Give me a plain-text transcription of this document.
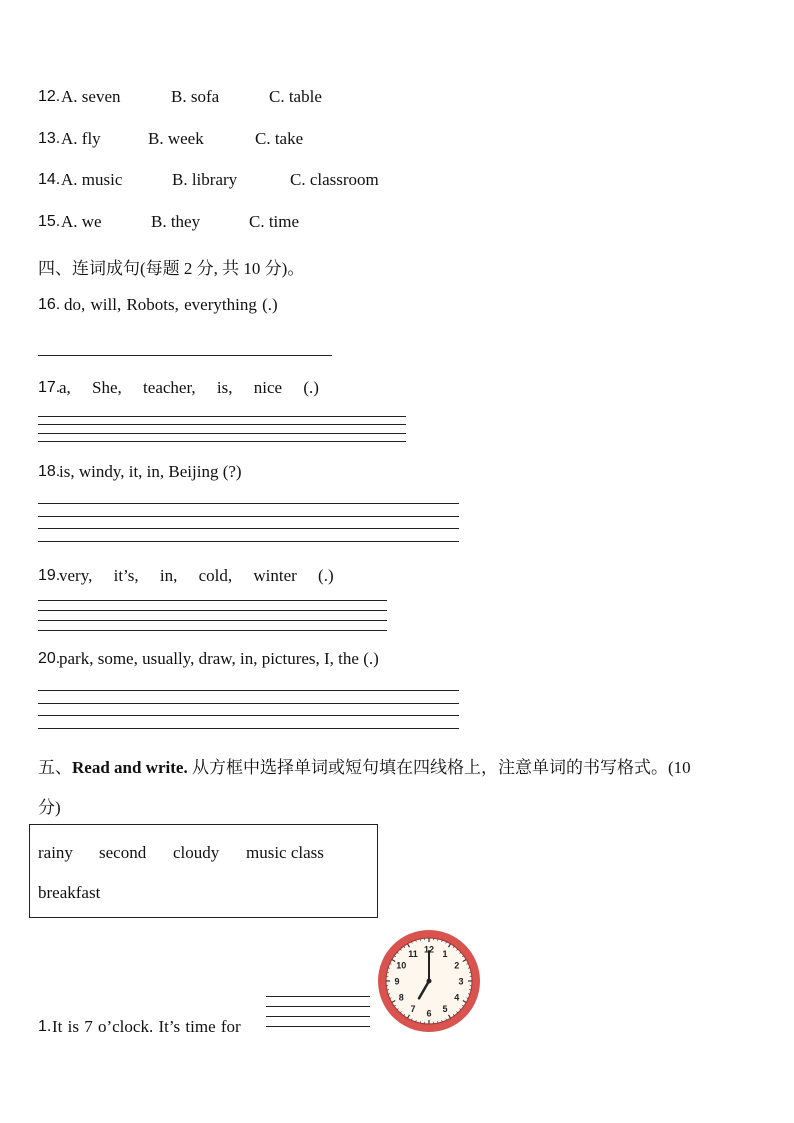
12. A. seven	B. sofa	C. table
13. A. fly	B. week	C. take
14. A. music	B. library	C. classroom
15. A. we	B. they	C. time
四、连词成句(每题 2 分, 共 10 分)。
16. do, will, Robots, everything (.)
17.
a,     She,     teacher,     is,     nice     (.)
18.
is, windy, it, in, Beijing (?)
19.
very,     it’s,     in,     cold,     winter     (.)
20.
park, some, usually, draw, in, pictures, I, the (.)
五、Read and write. 从方框中选择单词或短句填在四线格上，注意单词的书写格式。(10
分)
rainy second cloudy music class
breakfast
1. It is 7 o’clock. It’s time for
12 1
2
3
4
5
6
7
8
9
10
11
